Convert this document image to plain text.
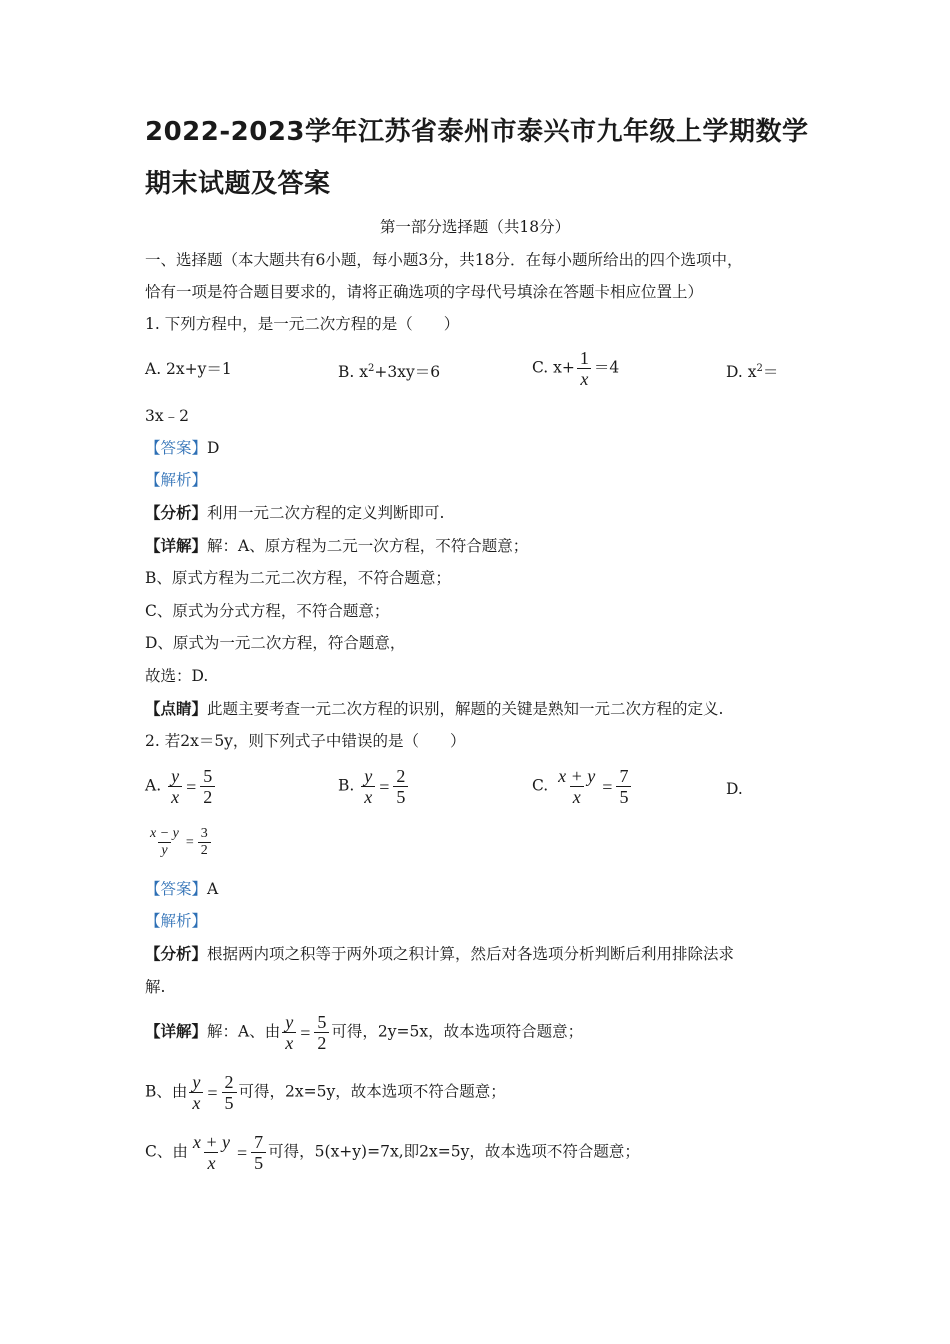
2022-2023学年江苏省泰州市泰兴市九年级上学期数学期末试题及答案
第一部分选择题（共18分）
一、选择题（本大题共有6小题，每小题3分，共18分．在每小题所给出的四个选项中，
恰有一项是符合题目要求的，请将正确选项的字母代号填涂在答题卡相应位置上）
1. 下列方程中，是一元二次方程的是（　　）
A. 2x+y＝1	B. $x^2+3xy=6$	C. $x+ \frac{1}{x} =4$	D. $x^2=$
3x﹣2
【答案】D
【解析】
【分析】利用一元二次方程的定义判断即可.
【详解】解：A、原方程为二元一次方程，不符合题意；
B、原式方程为二元二次方程，不符合题意；
C、原式为分式方程，不符合题意；
D、原式为一元二次方程，符合题意，
故选：D.
【点睛】此题主要考查一元二次方程的识别，解题的关键是熟知一元二次方程的定义.
2. 若2x＝5y，则下列式子中错误的是（　　）
A. $\frac{y}{x} = \frac{5}{2}$	B. $\frac{y}{x} = \frac{2}{5}$	C. $\frac{x + y}{x} = \frac{7}{5}$	D.
$\frac{x - y}{y} = \frac{3}{2}$
【答案】A
【解析】
【分析】根据两内项之积等于两外项之积计算，然后对各选项分析判断后利用排除法求
解.
【详解】解：A、由 $\frac{y}{x} = \frac{5}{2}$ 可得，2y=5x，故本选项符合题意；
B、由 $\frac{y}{x} = \frac{2}{5}$ 可得，2x=5y，故本选项不符合题意；
C、由 $\frac{x + y}{x} = \frac{7}{5}$ 可得，5(x+y)=7x,即2x=5y，故本选项不符合题意；
